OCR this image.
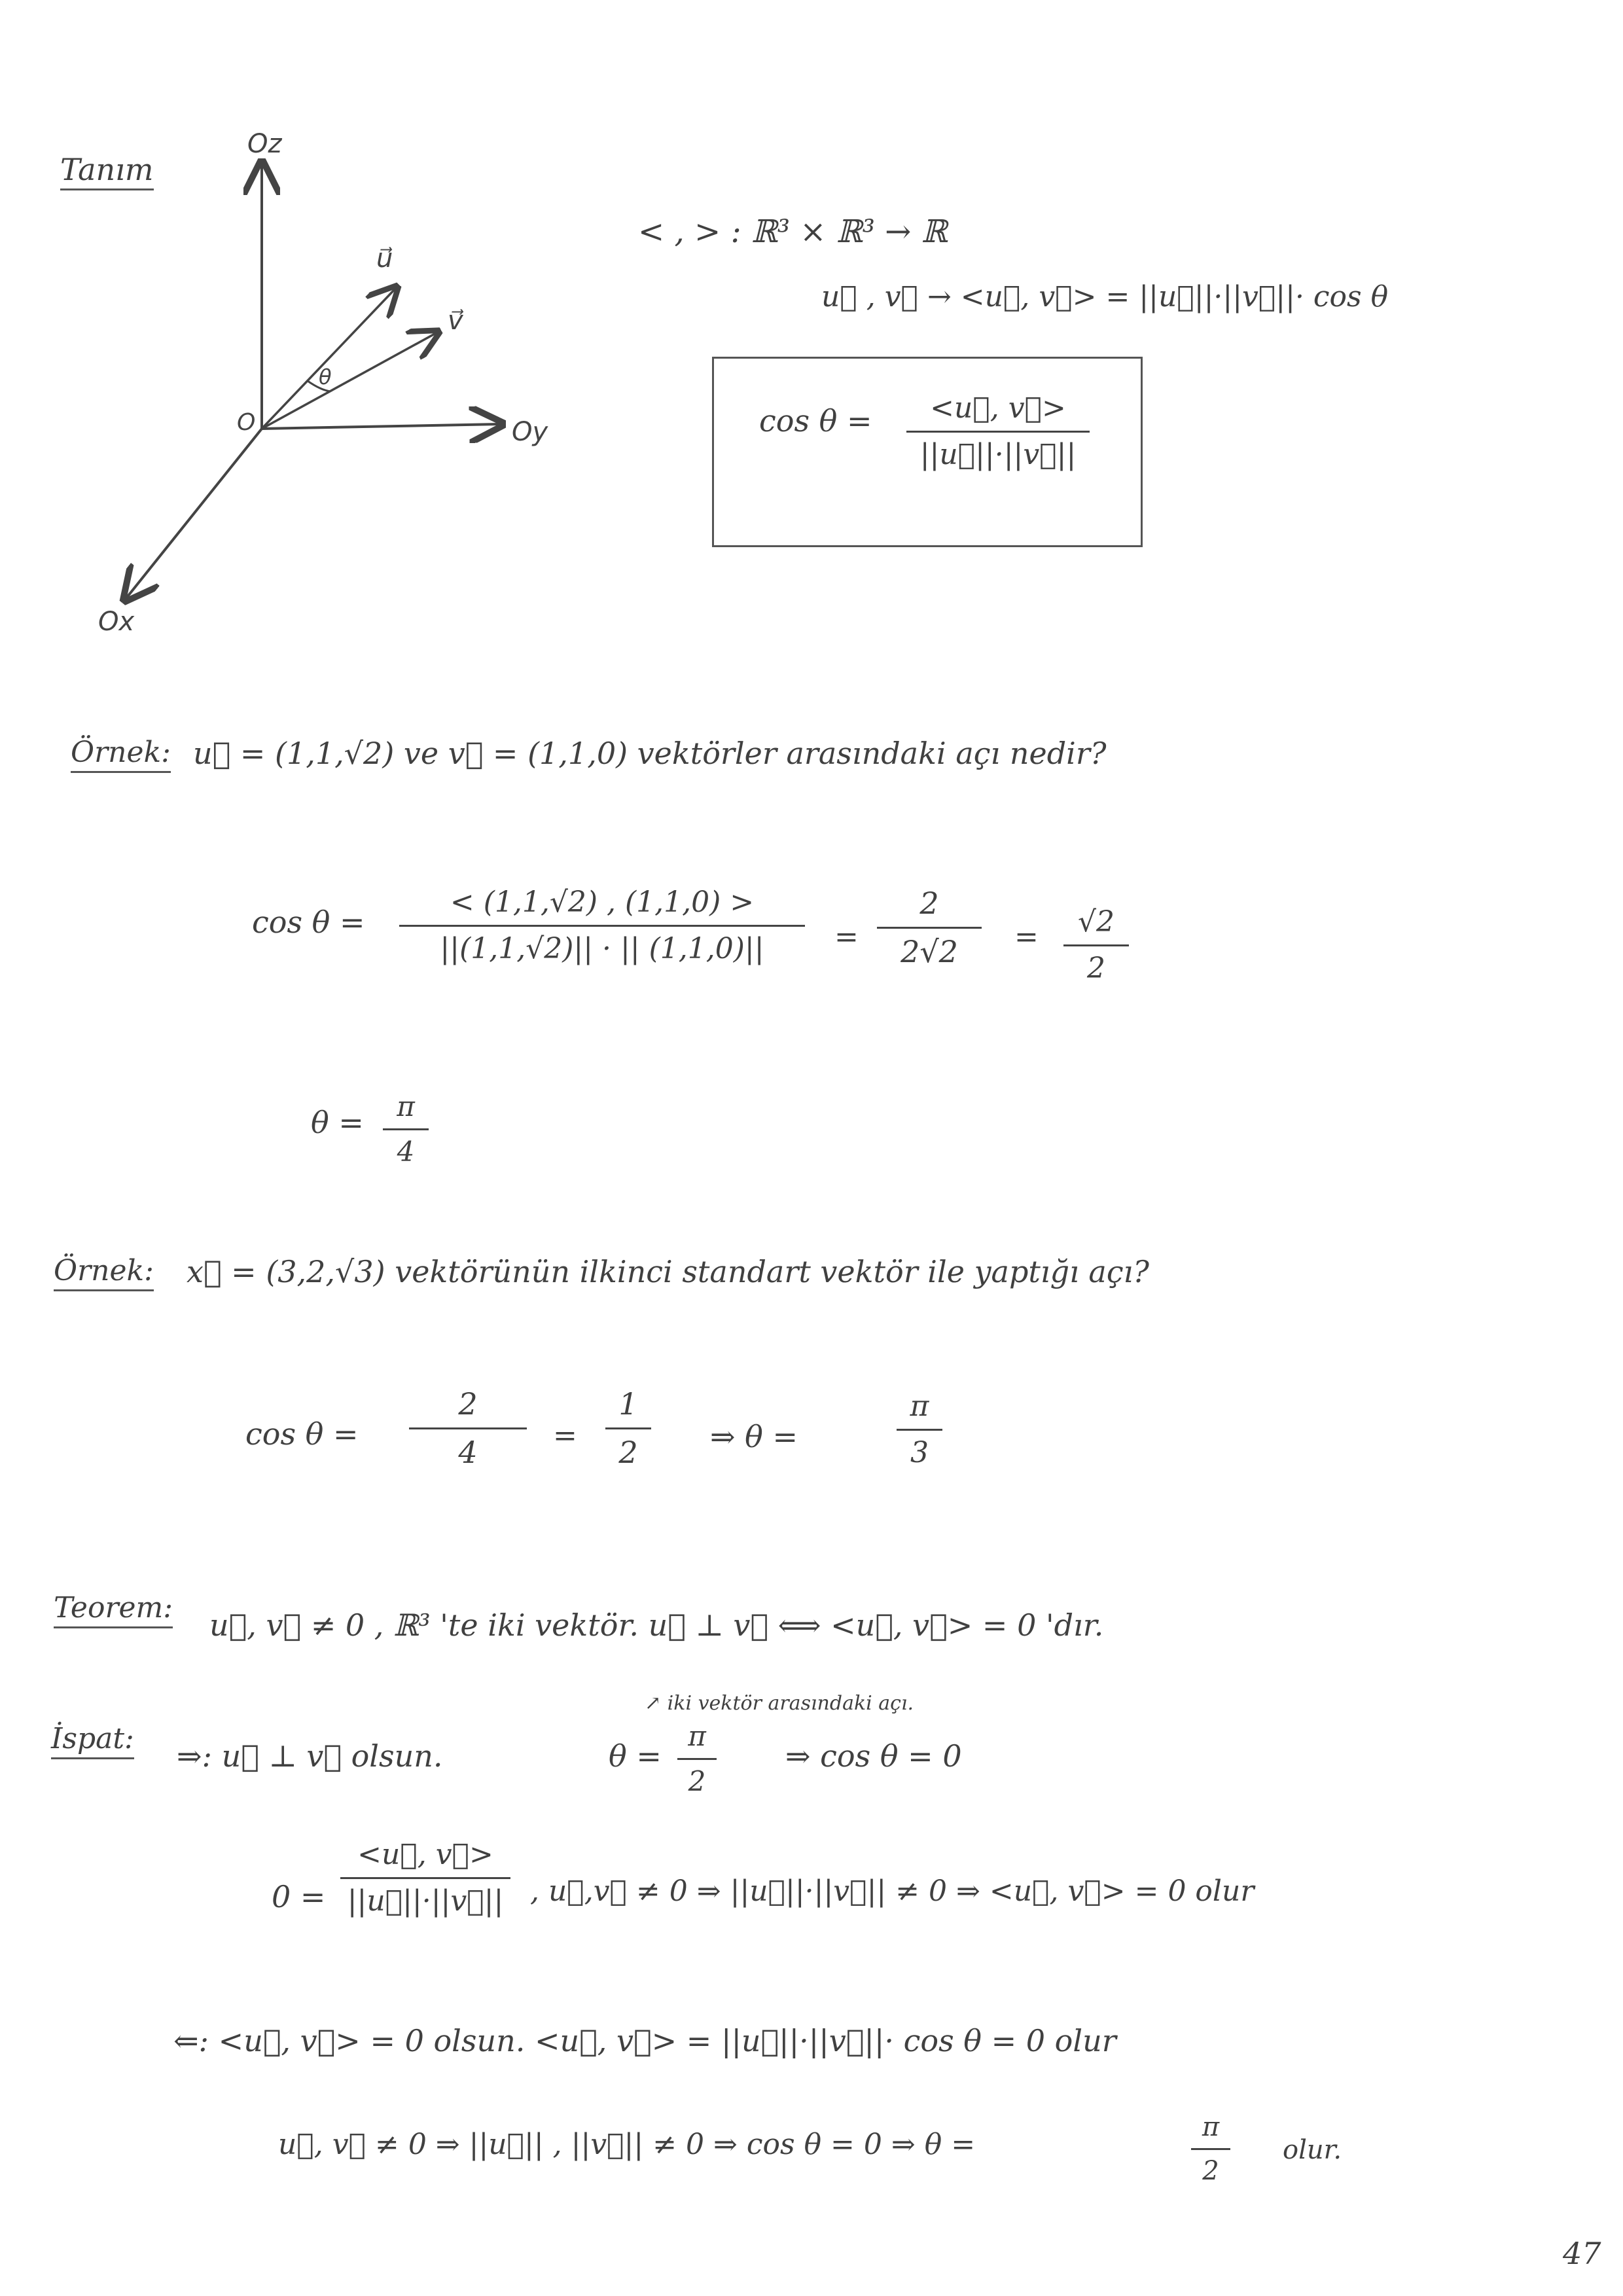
Tanım
Oz
Oy
Ox
O
u⃗
v⃗
θ
< , > : ℝ³ × ℝ³ → ℝ
u⃗ , v⃗ → <u⃗, v⃗> = ||u⃗||·||v⃗||· cos θ
cos θ =	<u⃗, v⃗>
||u⃗||·||v⃗||
Örnek: u⃗ = (1,1,√2) ve v⃗ = (1,1,0) vektörler arasındaki açı nedir?
cos θ =
< (1,1,√2) , (1,1,0) >
||(1,1,√2)|| · || (1,1,0)||	=
2
2√2	=	√2
2
θ =	π
4
Örnek: x⃗ = (3,2,√3) vektörünün ilkinci standart vektör ile yaptığı açı?
cos θ =
2
4	=
1
2	⇒ θ =
π
3
Teorem: u⃗, v⃗ ≠ 0 , ℝ³ 'te iki vektör. u⃗ ⊥ v⃗ ⟺ <u⃗, v⃗> = 0 'dır.
↗ iki vektör arasındaki açı.
İspat: ⇒: u⃗ ⊥ v⃗ olsun.	θ =
π
2
⇒ cos θ = 0
0 =
<u⃗, v⃗>
||u⃗||·||v⃗|| , u⃗,v⃗ ≠ 0 ⇒ ||u⃗||·||v⃗|| ≠ 0 ⇒ <u⃗, v⃗> = 0 olur
⇐: <u⃗, v⃗> = 0 olsun. <u⃗, v⃗> = ||u⃗||·||v⃗||· cos θ = 0 olur
u⃗, v⃗ ≠ 0 ⇒ ||u⃗|| , ||v⃗|| ≠ 0 ⇒ cos θ = 0 ⇒ θ =
π
2
olur.
47
